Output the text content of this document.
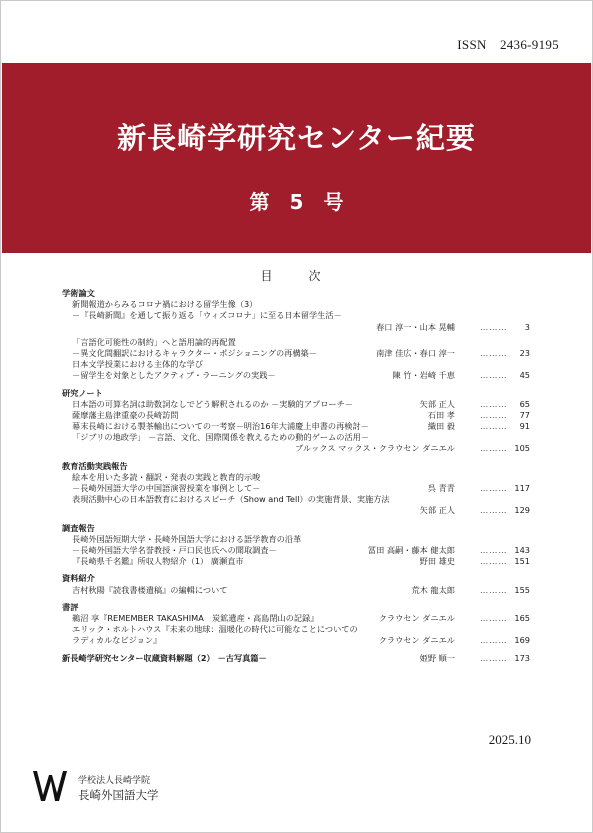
ISSN　2436-9195
新長崎学研究センター紀要
第　5　号
目　次
学術論文
新聞報道からみるコロナ禍における留学生像（3）
－『長崎新聞』を通して振り返る「ウィズコロナ」に至る日本留学生活－
春口 淳一・山本 晃輔	……… 3
「言語化可能性の制約」へと語用論的再配置
－異文化間翻訳におけるキャラクター・ポジショニングの再構築－	南津 佳広・春口 淳一	……… 23
日本文学授業における主体的な学び
－留学生を対象としたアクティブ・ラーニングの実践－	陳 竹・岩崎 千恵	……… 45
研究ノート
日本語の可算名詞は助数詞なしでどう解釈されるのか －実験的アプローチ－	矢部 正人	……… 65
薩摩藩主島津重豪の長崎訪問	石田 孝	……… 77
幕末長崎における製茶輸出についての一考察－明治16年大浦慶上申書の再検討－	織田 毅	……… 91
「ジブリの地政学」 －言語、文化、国際関係を教えるための動的ゲームの活用－
ブルックス マックス・クラウセン ダニエル	……… 105
教育活動実践報告
絵本を用いた多読・翻訳・発表の実践と教育的示唆
－長崎外国語大学の中国語演習授業を事例として－	呉 青青	……… 117
表現活動中心の日本語教育におけるスピーチ（Show and Tell）の実施背景、実施方法
矢部 正人	……… 129
調査報告
長崎外国語短期大学・長崎外国語大学における語学教育の沿革
－長崎外国語大学名誉教授・戸口民也氏への聞取調査－	冨田 高嗣・藤本 健太郎	……… 143
『長崎県千名鑑』所収人物紹介（1） 廣瀬直市	野田 雄史	……… 151
資料紹介
吉村秋陽『読我書楼遺稿』の編輯について	荒木 龍太郎	……… 155
書評
鵜沼 享『REMEMBER TAKASHIMA　炭鉱遺産・高島閉山の記録』	クラウセン ダニエル	……… 165
エリック・ホルトハウス『未来の地球：温暖化の時代に可能なことについての
ラディカルなビジョン』	クラウセン ダニエル	……… 169
新長崎学研究センター収蔵資料解題（2） －古写真篇－	姫野 順一	……… 173
2025.10
学校法人長崎学院
長崎外国語大学
